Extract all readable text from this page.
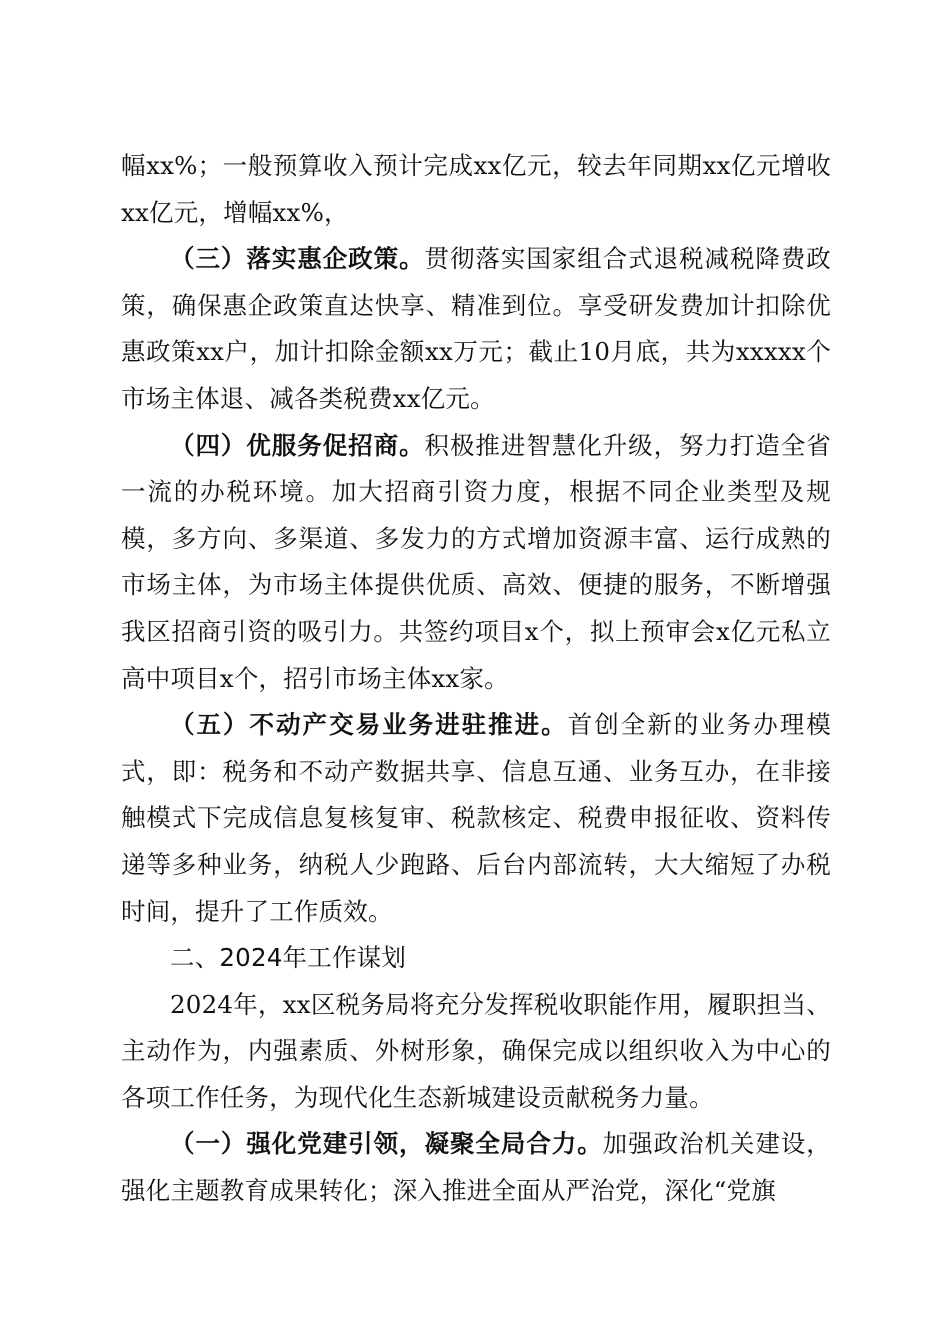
幅xx%；一般预算收入预计完成xx亿元，较去年同期xx亿元增收xx亿元，增幅xx%，

（三）落实惠企政策。贯彻落实国家组合式退税减税降费政策，确保惠企政策直达快享、精准到位。享受研发费加计扣除优惠政策xx户，加计扣除金额xx万元；截止10月底，共为xxxxx个市场主体退、减各类税费xx亿元。

（四）优服务促招商。积极推进智慧化升级，努力打造全省一流的办税环境。加大招商引资力度，根据不同企业类型及规模，多方向、多渠道、多发力的方式增加资源丰富、运行成熟的市场主体，为市场主体提供优质、高效、便捷的服务，不断增强我区招商引资的吸引力。共签约项目x个，拟上预审会x亿元私立高中项目x个，招引市场主体xx家。

（五）不动产交易业务进驻推进。首创全新的业务办理模式，即：税务和不动产数据共享、信息互通、业务互办，在非接触模式下完成信息复核复审、税款核定、税费申报征收、资料传递等多种业务，纳税人少跑路、后台内部流转，大大缩短了办税时间，提升了工作质效。

二、2024年工作谋划

2024年，xx区税务局将充分发挥税收职能作用，履职担当、主动作为，内强素质、外树形象，确保完成以组织收入为中心的各项工作任务，为现代化生态新城建设贡献税务力量。

（一）强化党建引领，凝聚全局合力。加强政治机关建设，强化主题教育成果转化；深入推进全面从严治党，深化“党旗
